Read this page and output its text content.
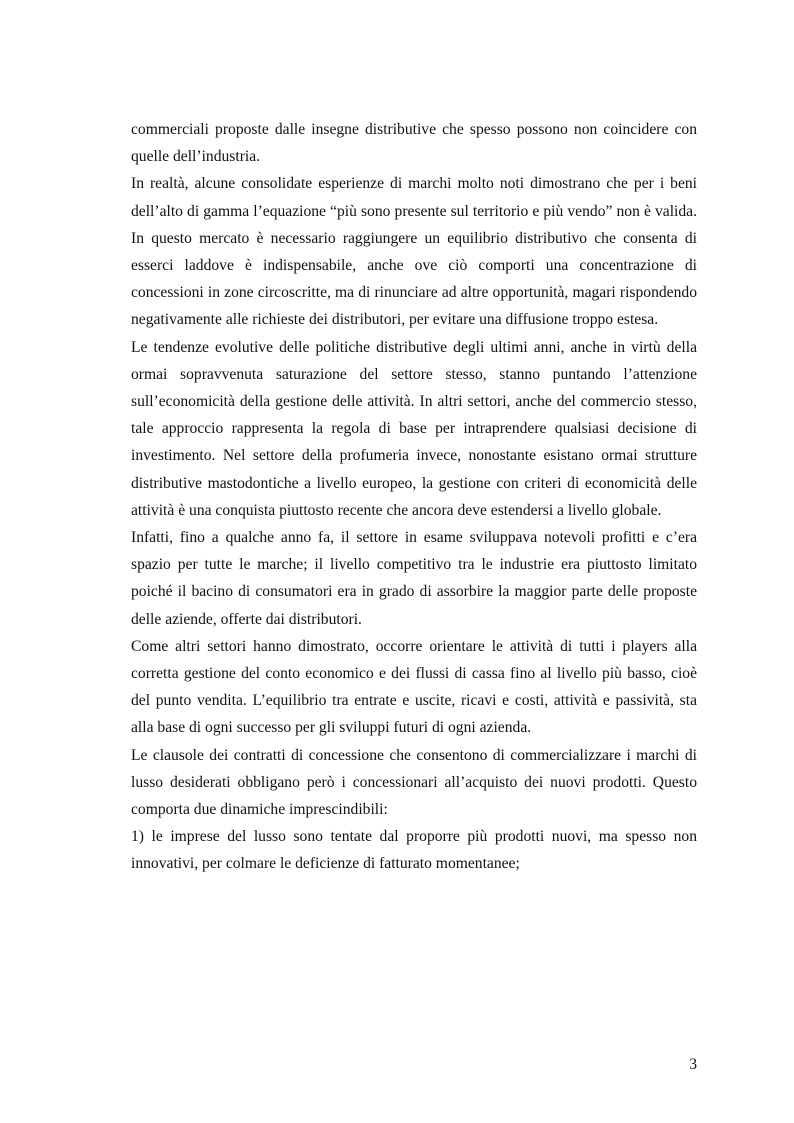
commerciali proposte dalle insegne distributive che spesso possono non coincidere con quelle dell’industria.

In realtà, alcune consolidate esperienze di marchi molto noti dimostrano che per i beni dell’alto di gamma l’equazione “più sono presente sul territorio e più vendo” non è valida. In questo mercato è necessario raggiungere un equilibrio distributivo che consenta di esserci laddove è indispensabile, anche ove ciò comporti una concentrazione di concessioni in zone circoscritte, ma di rinunciare ad altre opportunità, magari rispondendo negativamente alle richieste dei distributori, per evitare una diffusione troppo estesa.

Le tendenze evolutive delle politiche distributive degli ultimi anni, anche in virtù della ormai sopravvenuta saturazione del settore stesso, stanno puntando l’attenzione sull’economicità della gestione delle attività. In altri settori, anche del commercio stesso, tale approccio rappresenta la regola di base per intraprendere qualsiasi decisione di investimento. Nel settore della profumeria invece, nonostante esistano ormai strutture distributive mastodontiche a livello europeo, la gestione con criteri di economicità delle attività è una conquista piuttosto recente che ancora deve estendersi a livello globale.

Infatti, fino a qualche anno fa, il settore in esame sviluppava notevoli profitti e c’era spazio per tutte le marche; il livello competitivo tra le industrie era piuttosto limitato poiché il bacino di consumatori era in grado di assorbire la maggior parte delle proposte delle aziende, offerte dai distributori.

Come altri settori hanno dimostrato, occorre orientare le attività di tutti i players alla corretta gestione del conto economico e dei flussi di cassa fino al livello più basso, cioè del punto vendita. L’equilibrio tra entrate e uscite, ricavi e costi, attività e passività, sta alla base di ogni successo per gli sviluppi futuri di ogni azienda.

Le clausole dei contratti di concessione che consentono di commercializzare i marchi di lusso desiderati obbligano però i concessionari all’acquisto dei nuovi prodotti. Questo comporta due dinamiche imprescindibili:

1) le imprese del lusso sono tentate dal proporre più prodotti nuovi, ma spesso non innovativi, per colmare le deficienze di fatturato momentanee;

3
